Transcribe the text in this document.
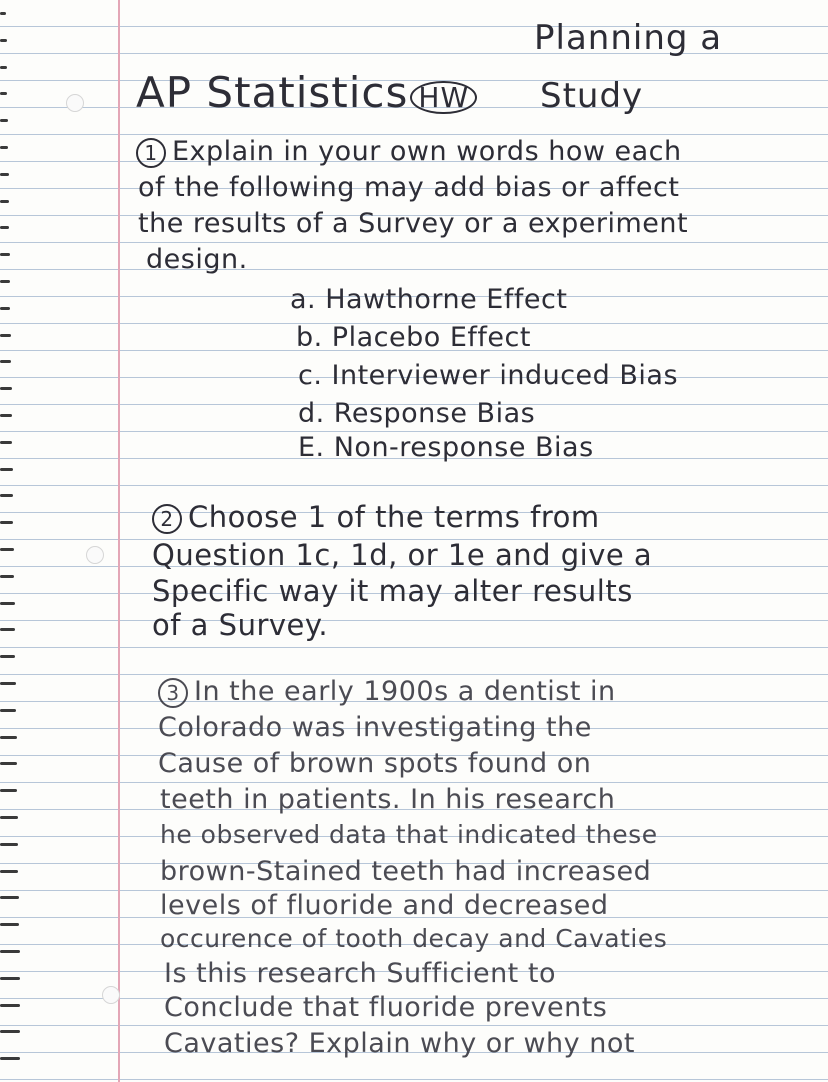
Planning a
AP Statistics HW Study
1 Explain in your own words how each
of the following may add bias or affect
the results of a Survey or a experiment
design.
a. Hawthorne Effect
b. Placebo Effect
c. Interviewer induced Bias
d. Response Bias
E. Non-response Bias
2 Choose 1 of the terms from
Question 1c, 1d, or 1e and give a
Specific way it may alter results
of a Survey.
3 In the early 1900s a dentist in
Colorado was investigating the
Cause of brown spots found on
teeth in patients. In his research
he observed data that indicated these
brown-Stained teeth had increased
levels of fluoride and decreased
occurence of tooth decay and Cavaties
Is this research Sufficient to
Conclude that fluoride prevents
Cavaties? Explain why or why not
